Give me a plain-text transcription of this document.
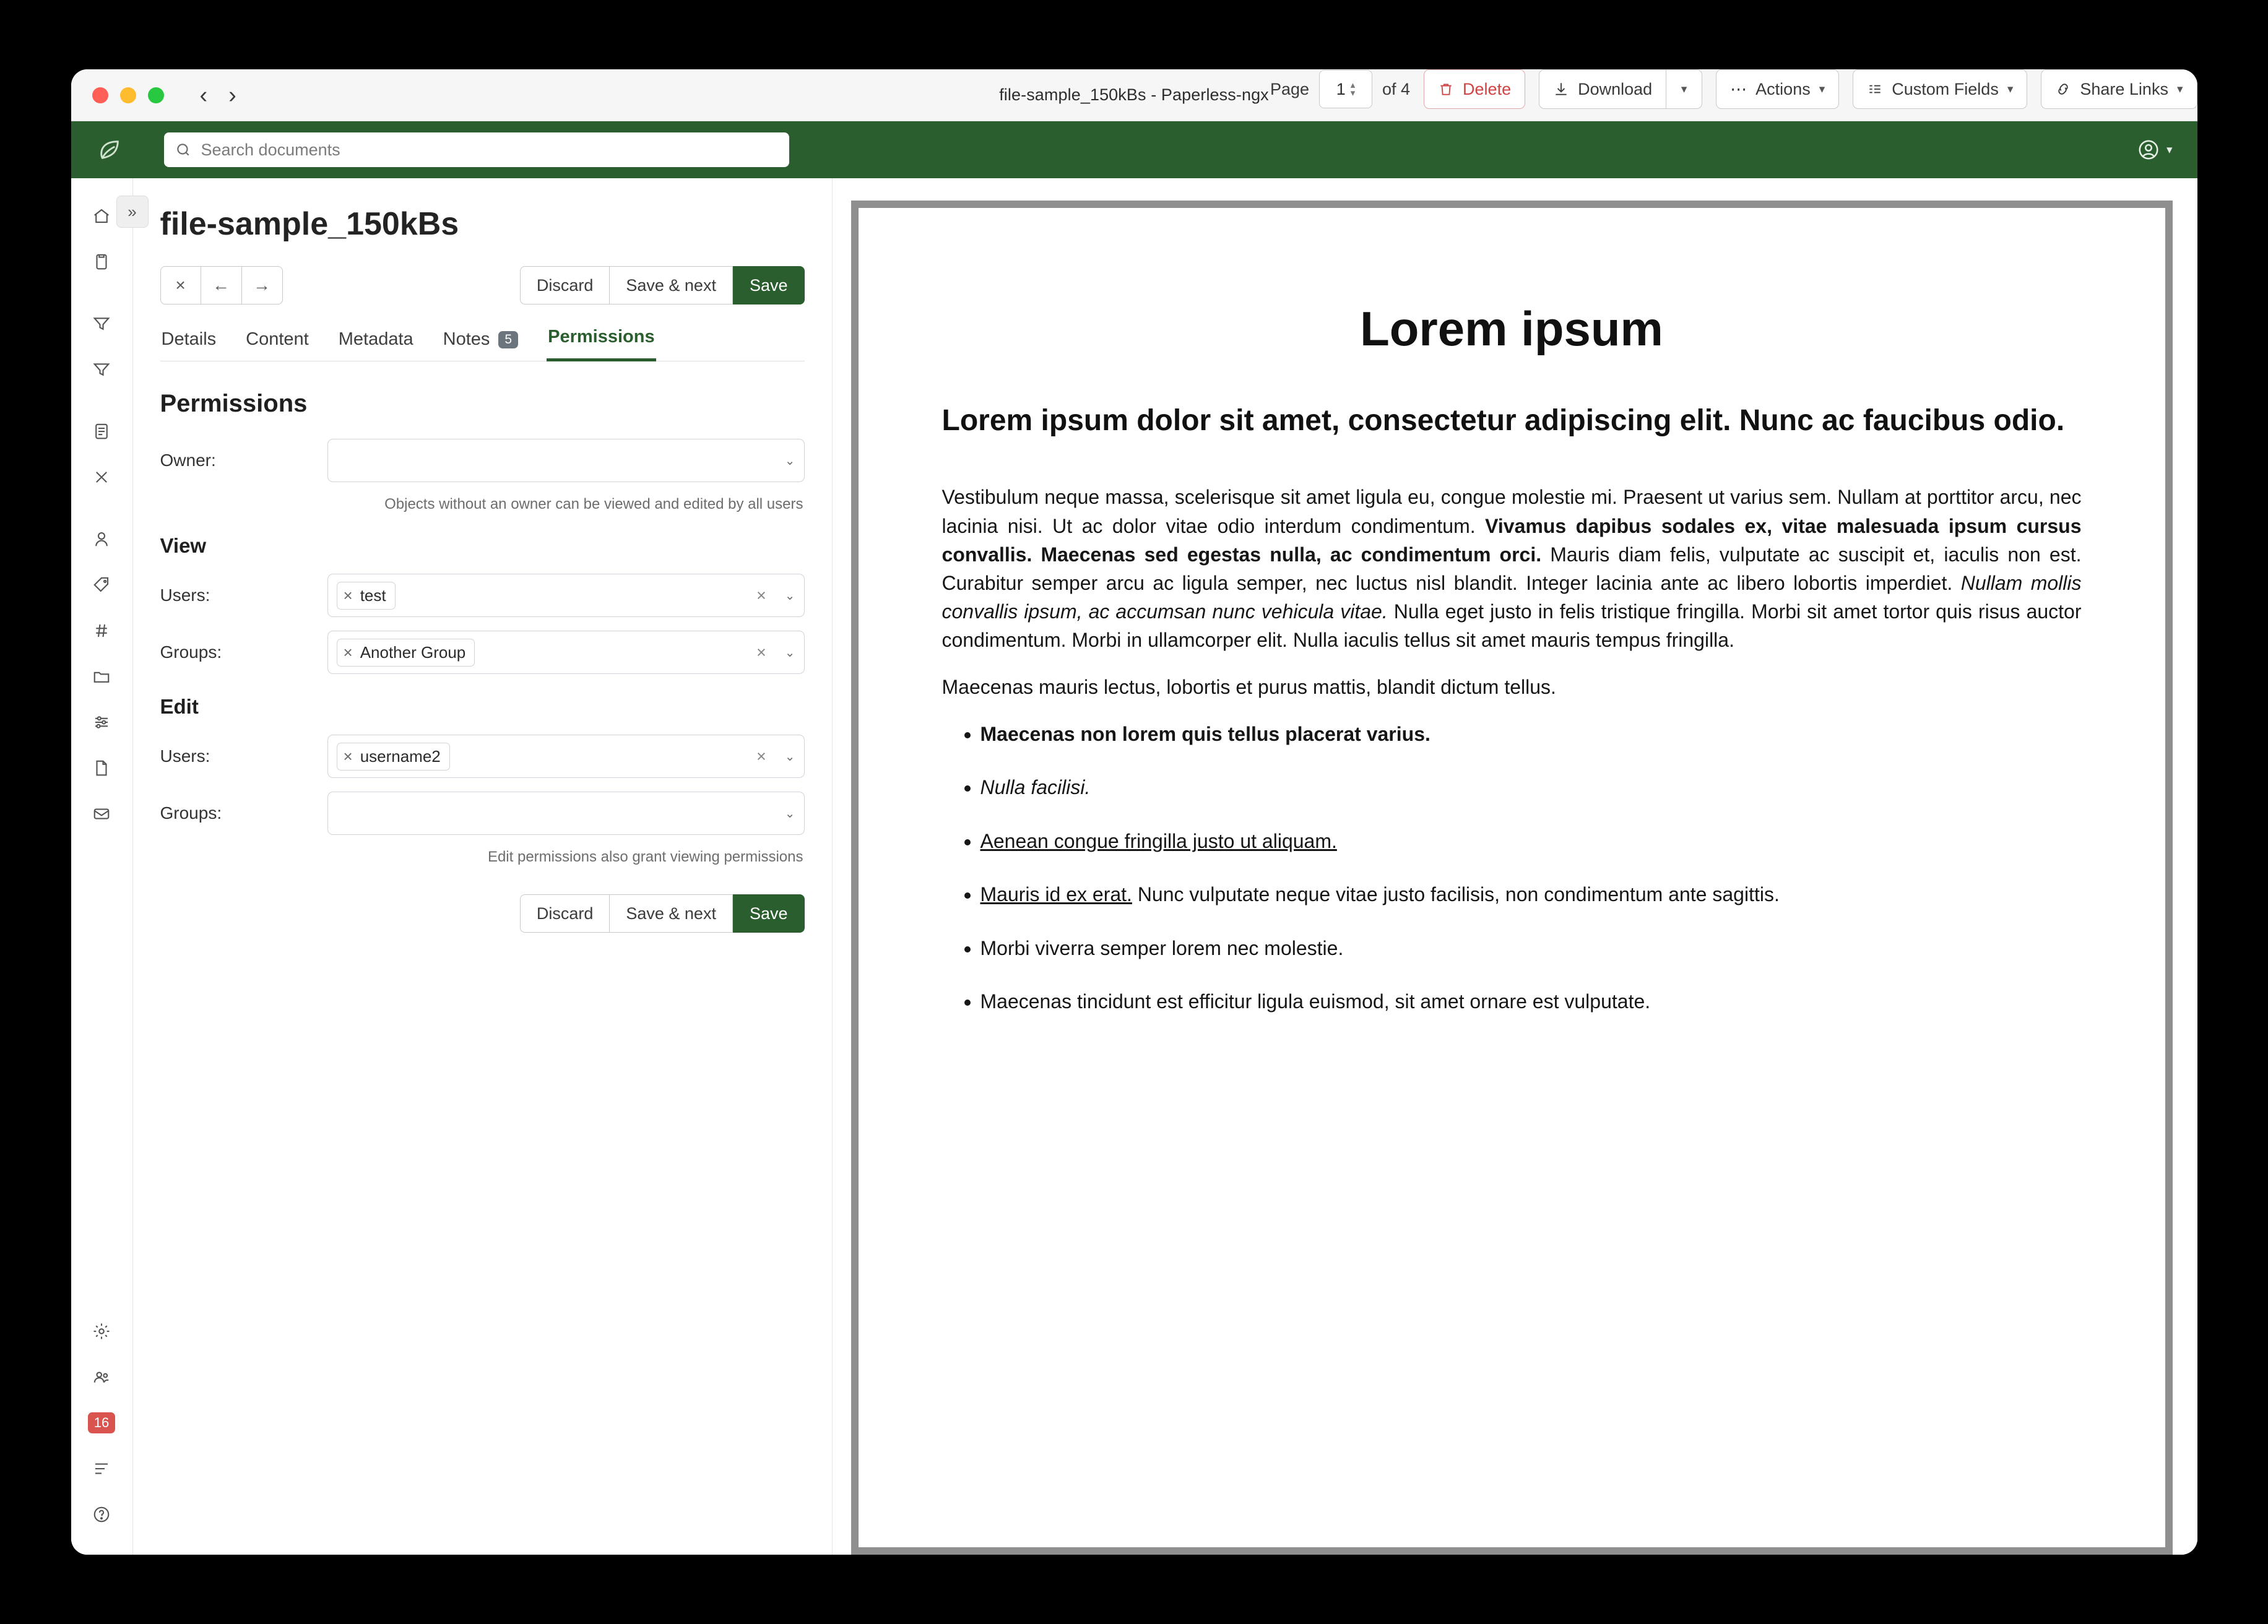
‹ ›	file-sample_150kBs - Paperless-ngx
Search documents
▾
»
16
file-sample_150kBs
×	←	→	Discard	Save & next	Save
Details Content Metadata Notes	5	Permissions
Permissions
Owner:	⌄
Objects without an owner can be viewed and edited by all users
View
Users:	× test	× ⌄
Groups:	× Another Group	× ⌄
Edit
Users:	× username2	× ⌄
Groups:	⌄
Edit permissions also grant viewing permissions
Discard	Save & next	Save
Page 1 ▴
▾ of 4	Delete	Download	▾	⋯ Actions ▾	Custom Fields ▾	Share Links ▾
Lorem ipsum
Lorem ipsum dolor sit amet, consectetur adipiscing elit. Nunc ac faucibus odio.

Vestibulum neque massa, scelerisque sit amet ligula eu, congue molestie mi. Praesent ut varius sem. Nullam at porttitor arcu, nec lacinia nisi. Ut ac dolor vitae odio interdum condimentum. Vivamus dapibus sodales ex, vitae malesuada ipsum cursus convallis. Maecenas sed egestas nulla, ac condimentum orci. Mauris diam felis, vulputate ac suscipit et, iaculis non est. Curabitur semper arcu ac ligula semper, nec luctus nisl blandit. Integer lacinia ante ac libero lobortis imperdiet. Nullam mollis convallis ipsum, ac accumsan nunc vehicula vitae. Nulla eget justo in felis tristique fringilla. Morbi sit amet tortor quis risus auctor condimentum. Morbi in ullamcorper elit. Nulla iaculis tellus sit amet mauris tempus fringilla.

Maecenas mauris lectus, lobortis et purus mattis, blandit dictum tellus.

• Maecenas non lorem quis tellus placerat varius.
• Nulla facilisi.
• Aenean congue fringilla justo ut aliquam.
• Mauris id ex erat. Nunc vulputate neque vitae justo facilisis, non condimentum ante sagittis.
• Morbi viverra semper lorem nec molestie.
• Maecenas tincidunt est efficitur ligula euismod, sit amet ornare est vulputate.
